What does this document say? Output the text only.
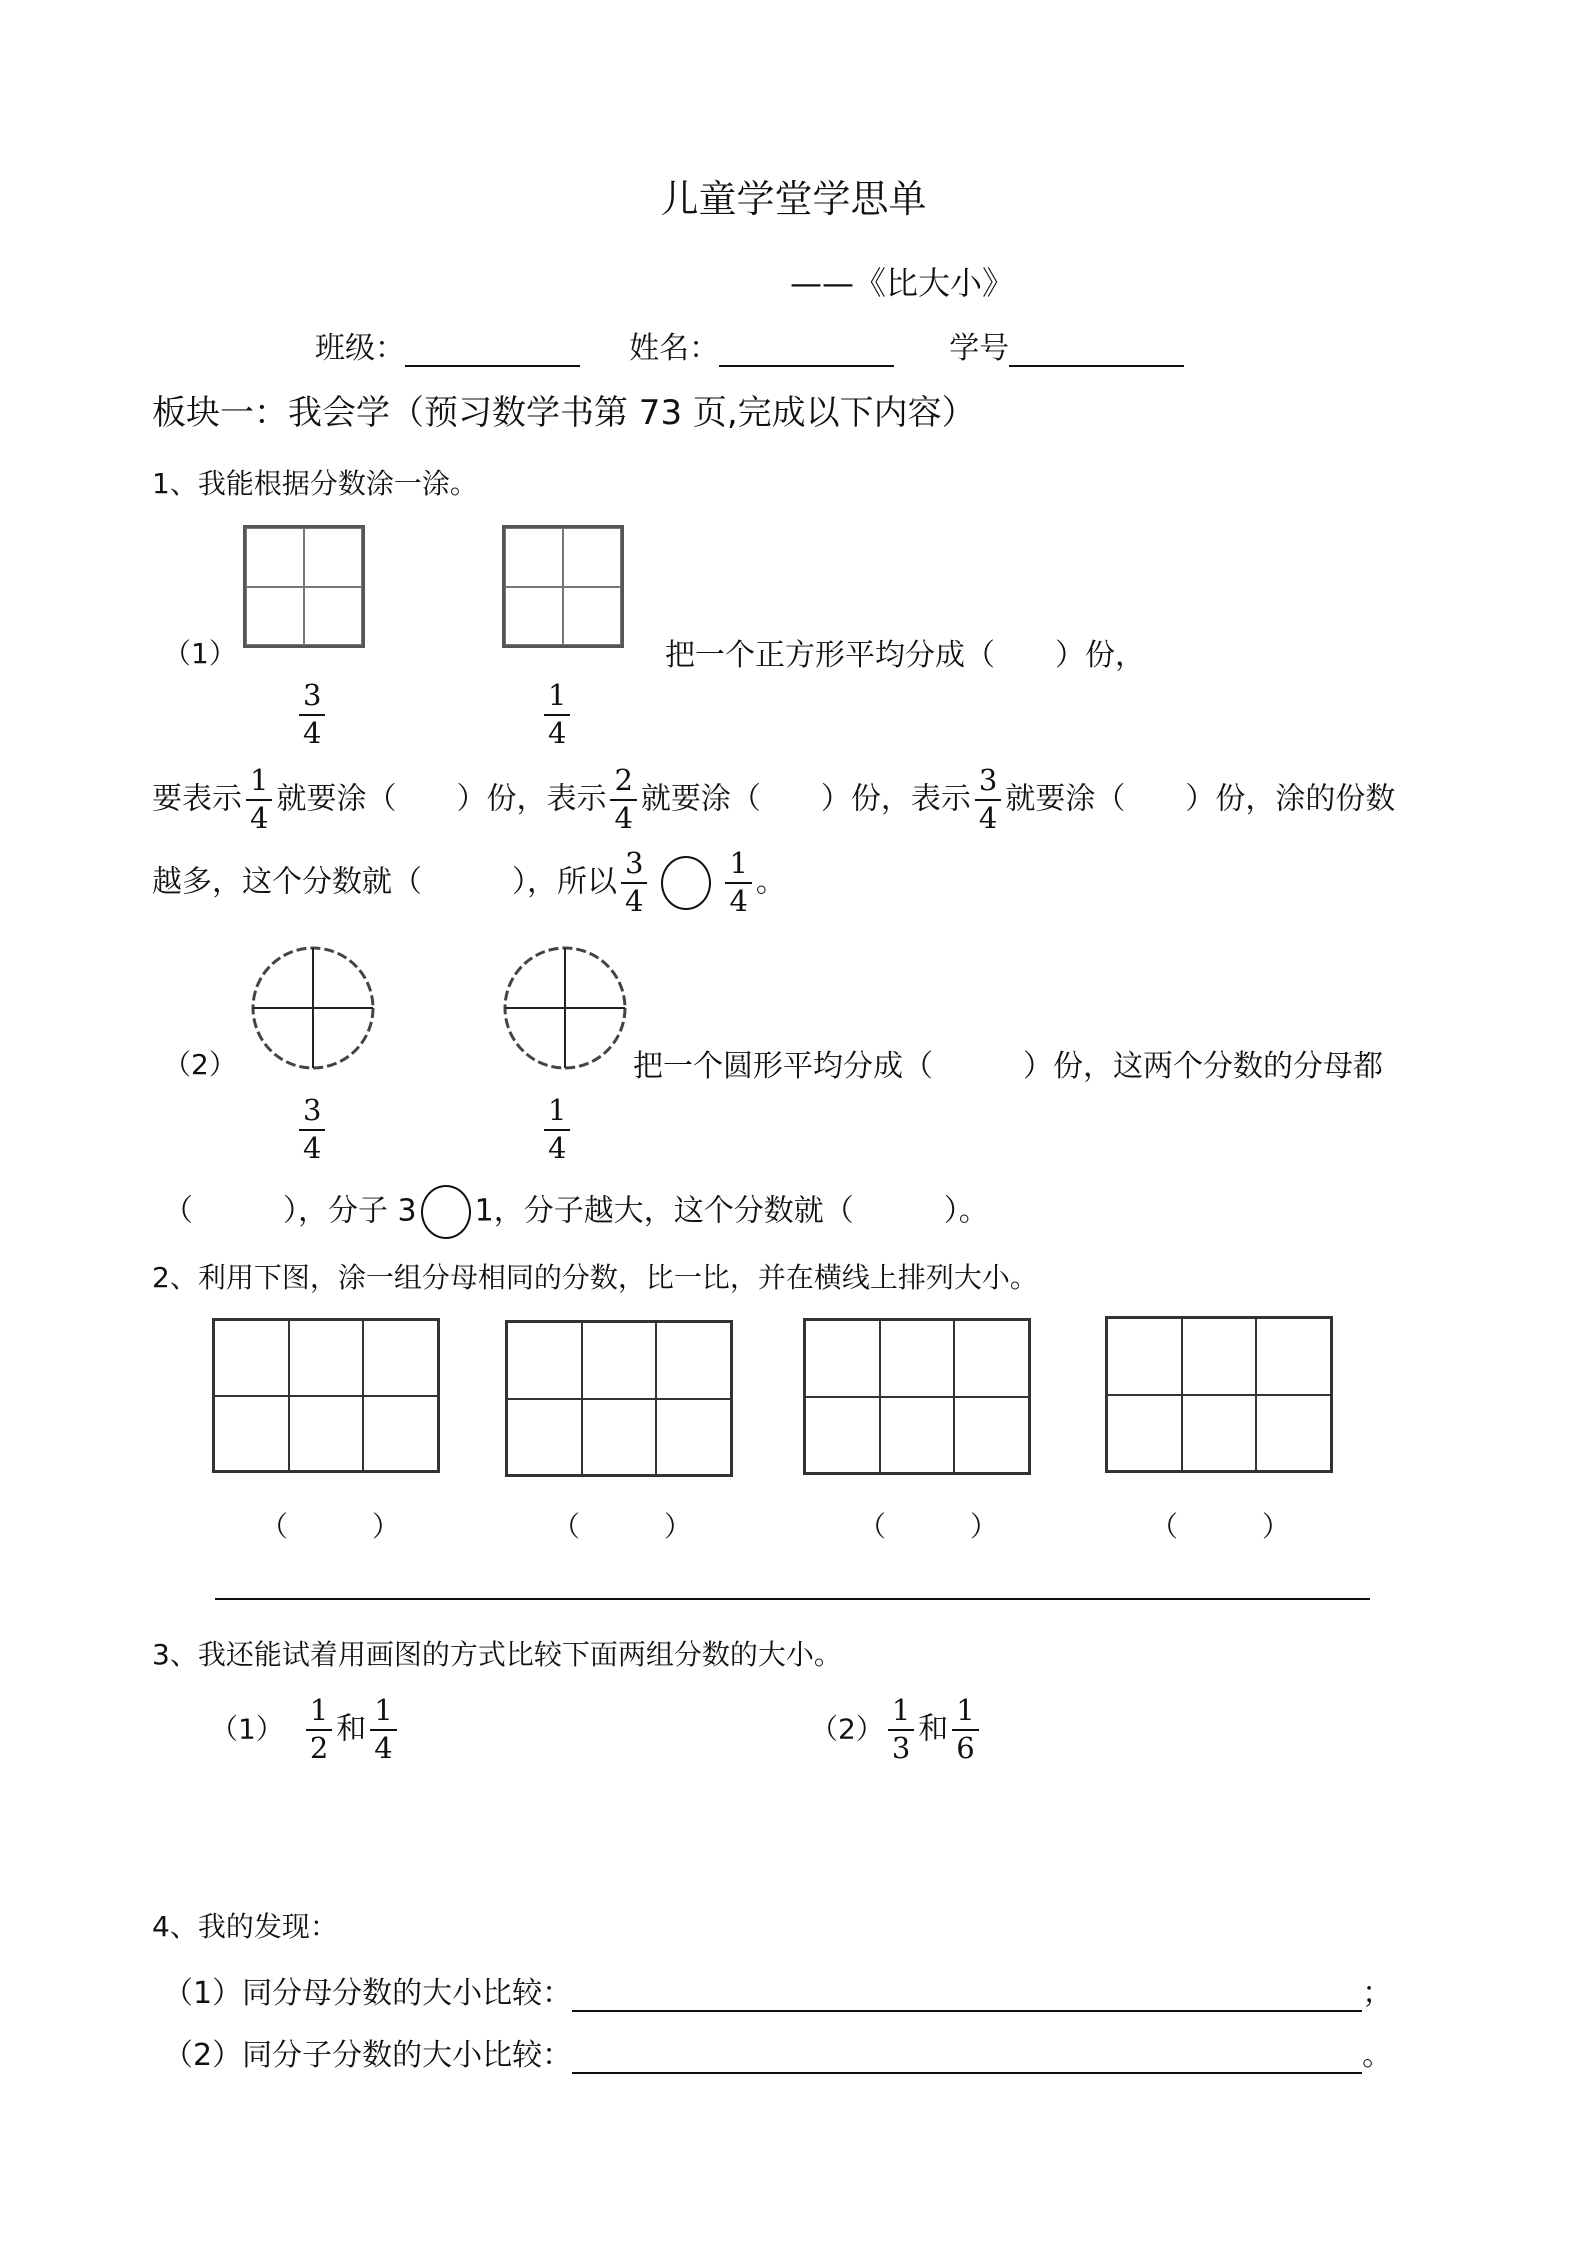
儿童学堂学思单
——《比大小》
班级：	姓名：	学号
板块一：我会学（预习数学书第 73 页,完成以下内容）
1、我能根据分数涂一涂。
（1）	把一个正方形平均分成（　　）份，
$\frac{3}{4}$	$\frac{1}{4}$
要表示 $\frac{1}{4}$ 就要涂（　　）份，表示 $\frac{2}{4}$ 就要涂（　　）份，表示 $\frac{3}{4}$ 就要涂（　　）份，涂的份数
越多，这个分数就（　　　），所以 $\frac{3}{4}$	$\frac{1}{4}$ 。
（2）	把一个圆形平均分成（　　　）份，这两个分数的分母都
$\frac{3}{4}$	$\frac{1}{4}$
（　　　），分子 3 1，分子越大，这个分数就（　　　）。
2、利用下图，涂一组分母相同的分数，比一比，并在横线上排列大小。
（　　　）	（　　　）	（　　　）	（　　　）
3、我还能试着用画图的方式比较下面两组分数的大小。
$(1) \frac{1}{2}$ 和 $\frac{1}{4}$	$(2) \frac{1}{3}$ 和 $\frac{1}{6}$
4、我的发现：
（1）同分母分数的大小比较：	；
（2）同分子分数的大小比较：	。
